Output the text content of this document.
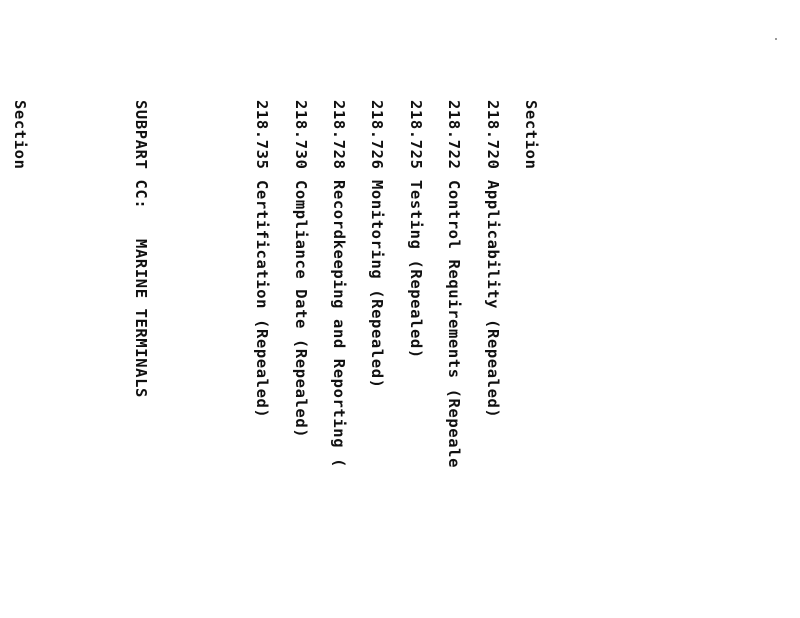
Section

218.720Applicability (Repealed)

218.722Control Requirements (Repeale

218.725Testing (Repealed)

218.726Monitoring (Repealed)

218.728Recordkeeping and Reporting (

218.730Compliance Date (Repealed)

218.735Certification (Repealed)

SUBPART CC:   MARINE TERMINALS

Section
